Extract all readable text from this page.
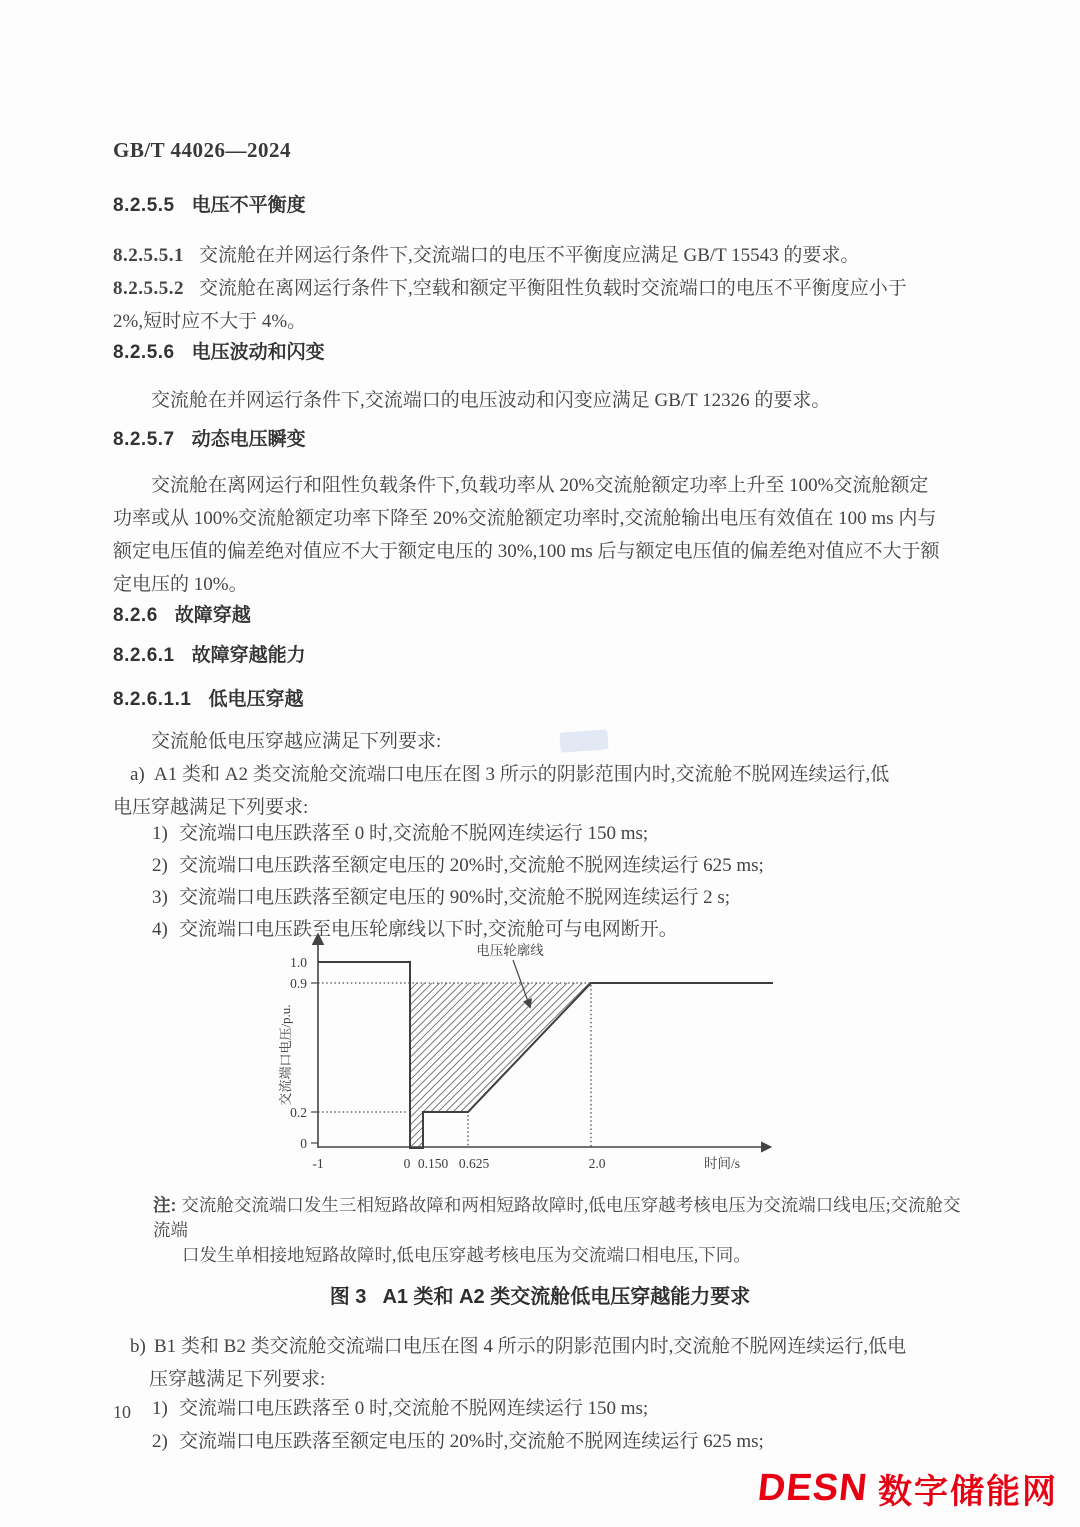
GB/T 44026—2024
8.2.5.5 电压不平衡度
8.2.5.5.1 交流舱在并网运行条件下,交流端口的电压不平衡度应满足 GB/T 15543 的要求。
8.2.5.5.2 交流舱在离网运行条件下,空载和额定平衡阻性负载时交流端口的电压不平衡度应小于
2%,短时应不大于 4%。
8.2.5.6 电压波动和闪变
交流舱在并网运行条件下,交流端口的电压波动和闪变应满足 GB/T 12326 的要求。
8.2.5.7 动态电压瞬变
交流舱在离网运行和阻性负载条件下,负载功率从 20%交流舱额定功率上升至 100%交流舱额定
功率或从 100%交流舱额定功率下降至 20%交流舱额定功率时,交流舱输出电压有效值在 100 ms 内与
额定电压值的偏差绝对值应不大于额定电压的 30%,100 ms 后与额定电压值的偏差绝对值应不大于额
定电压的 10%。
8.2.6 故障穿越
8.2.6.1 故障穿越能力
8.2.6.1.1 低电压穿越
交流舱低电压穿越应满足下列要求:
a) A1 类和 A2 类交流舱交流端口电压在图 3 所示的阴影范围内时,交流舱不脱网连续运行,低
电压穿越满足下列要求:
1) 交流端口电压跌落至 0 时,交流舱不脱网连续运行 150 ms;
2) 交流端口电压跌落至额定电压的 20%时,交流舱不脱网连续运行 625 ms;
3) 交流端口电压跌落至额定电压的 90%时,交流舱不脱网连续运行 2 s;
4) 交流端口电压跌至电压轮廓线以下时,交流舱可与电网断开。
1.0
0.9
0.2
0
-1	0 0.150 0.625	2.0	时间/s
交流端口电压/p.u.
电压轮廓线
注: 交流舱交流端口发生三相短路故障和两相短路故障时,低电压穿越考核电压为交流端口线电压;交流舱交流端
口发生单相接地短路故障时,低电压穿越考核电压为交流端口相电压,下同。
图 3 A1 类和 A2 类交流舱低电压穿越能力要求
b) B1 类和 B2 类交流舱交流端口电压在图 4 所示的阴影范围内时,交流舱不脱网连续运行,低电
压穿越满足下列要求:
1) 交流端口电压跌落至 0 时,交流舱不脱网连续运行 150 ms;
2) 交流端口电压跌落至额定电压的 20%时,交流舱不脱网连续运行 625 ms;
10
DESN 数字储能网
